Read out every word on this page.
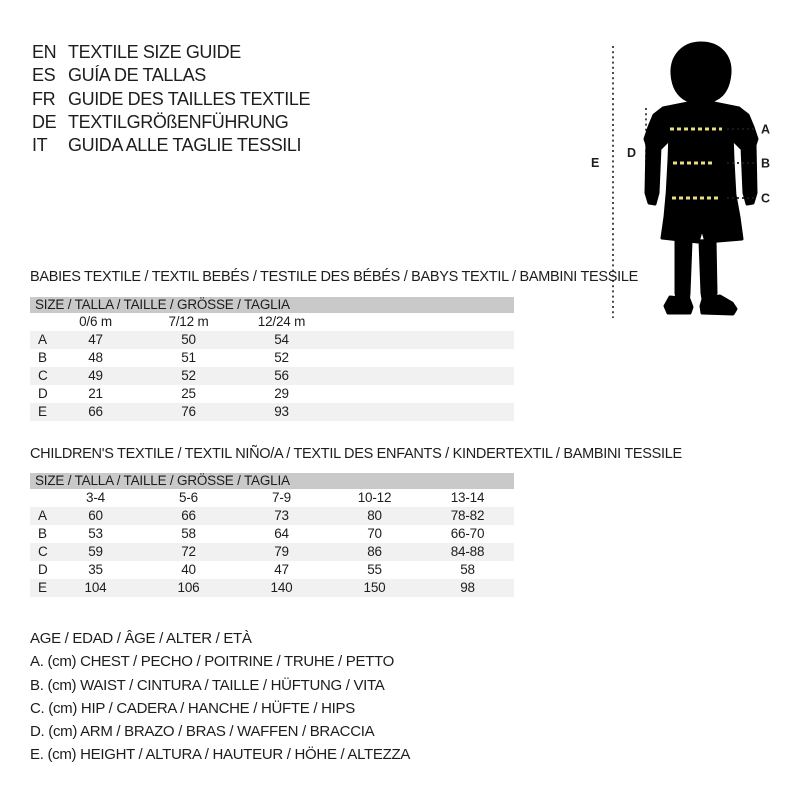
EN TEXTILE SIZE GUIDE
ES GUÍA DE TALLAS
FR GUIDE DES TAILLES TEXTILE
DE TEXTILGRÖßENFÜHRUNG
IT	GUIDA ALLE TAGLIE TESSILI
A
B
C
D
E
BABIES TEXTILE / TEXTIL BEBÉS / TESTILE DES BÉBÉS / BABYS TEXTIL / BAMBINI TESSILE
SIZE / TALLA / TAILLE / GRÖSSE / TAGLIA
	0/6 m	7/12 m	12/24 m		
A	47	50	54		
B	48	51	52		
C	49	52	56		
D	21	25	29		
E	66	76	93		
CHILDREN'S TEXTILE / TEXTIL NIÑO/A / TEXTIL DES ENFANTS / KINDERTEXTIL / BAMBINI TESSILE
SIZE / TALLA / TAILLE / GRÖSSE / TAGLIA
	3-4	5-6	7-9	10-12	13-14
A	60	66	73	80	78-82
B	53	58	64	70	66-70
C	59	72	79	86	84-88
D	35	40	47	55	58
E	104	106	140	150	98
AGE / EDAD / ÂGE / ALTER / ETÀ
A. (cm) CHEST / PECHO / POITRINE / TRUHE / PETTO
B. (cm) WAIST / CINTURA / TAILLE / HÜFTUNG / VITA
C. (cm) HIP / CADERA / HANCHE / HÜFTE / HIPS
D. (cm) ARM / BRAZO / BRAS / WAFFEN / BRACCIA
E. (cm) HEIGHT / ALTURA / HAUTEUR / HÖHE / ALTEZZA
